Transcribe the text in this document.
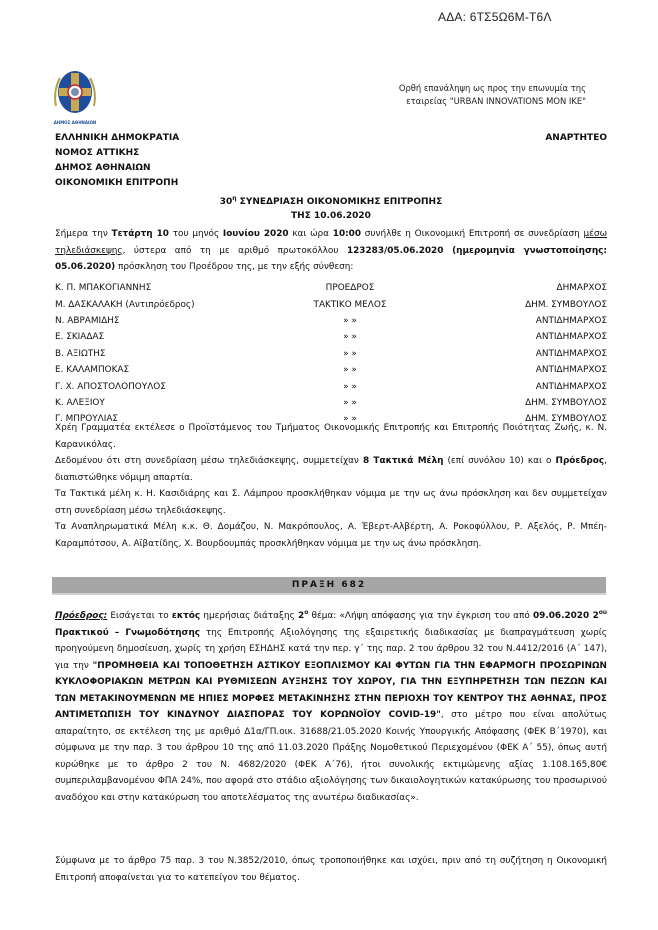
ΑΔΑ: 6ΤΣ5Ω6Μ-Τ6Λ
ΔΗΜΟΣ ΑΘΗΝΑΙΩΝ
Ορθή επανάληψη ως προς την επωνυμία της
εταιρείας "URBAN INNOVATIONS MON IKE"
ΕΛΛΗΝΙΚΗ ΔΗΜΟΚΡΑΤΙΑ	ΑΝΑΡΤΗΤΕΟ
ΝΟΜΟΣ ΑΤΤΙΚΗΣ
ΔΗΜΟΣ ΑΘΗΝΑΙΩΝ
ΟΙΚΟΝΟΜΙΚΗ ΕΠΙΤΡΟΠΗ
$30^\eta$ ΣΥΝΕΔΡΙΑΣΗ ΟΙΚΟΝΟΜΙΚΗΣ ΕΠΙΤΡΟΠΗΣ
ΤΗΣ 10.06.2020
Σήμερα την Τετάρτη 10 του μηνός Ιουνίου 2020 και ώρα 10:00 συνήλθε η Οικονομική Επιτροπή σε συνεδρίαση μέσω τηλεδιάσκεψης, ύστερα από τη με αριθμό πρωτοκόλλου 123283/05.06.2020 (ημερομηνία γνωστοποίησης: 05.06.2020) πρόσκληση του Προέδρου της, με την εξής σύνθεση:
Κ. Π. ΜΠΑΚΟΓΙΑΝΝΗΣ	ΠΡΟΕΔΡΟΣ	ΔΗΜΑΡΧΟΣ
Μ. ΔΑΣΚΑΛΑΚΗ (Αντιπρόεδρος)	ΤΑΚΤΙΚΟ ΜΕΛΟΣ	ΔΗΜ. ΣΥΜΒΟΥΛΟΣ
Ν. ΑΒΡΑΜΙΔΗΣ	» »	ΑΝΤΙΔΗΜΑΡΧΟΣ
Ε. ΣΚΙΑΔΑΣ	» »	ΑΝΤΙΔΗΜΑΡΧΟΣ
Β. ΑΞΙΩΤΗΣ	» »	ΑΝΤΙΔΗΜΑΡΧΟΣ
Ε. ΚΑΛΑΜΠΟΚΑΣ	» »	ΑΝΤΙΔΗΜΑΡΧΟΣ
Γ. Χ. ΑΠΟΣΤΟΛΟΠΟΥΛΟΣ	» »	ΑΝΤΙΔΗΜΑΡΧΟΣ
Κ. ΑΛΕΞΙΟΥ	» »	ΔΗΜ. ΣΥΜΒΟΥΛΟΣ
Γ. ΜΠΡΟΥΛΙΑΣ	» »	ΔΗΜ. ΣΥΜΒΟΥΛΟΣ
Χρέη Γραμματέα εκτέλεσε ο Προϊστάμενος του Τμήματος Οικονομικής Επιτροπής και Επιτροπής Ποιότητας Ζωής, κ. Ν. Καρανικόλας.
Δεδομένου ότι στη συνεδρίαση μέσω τηλεδιάσκεψης, συμμετείχαν 8 Τακτικά Μέλη (επί συνόλου 10) και ο Πρόεδρος, διαπιστώθηκε νόμιμη απαρτία.
Τα Τακτικά μέλη κ. Η. Κασιδιάρης και Σ. Λάμπρου προσκλήθηκαν νόμιμα με την ως άνω πρόσκληση και δεν συμμετείχαν στη συνεδρίαση μέσω τηλεδιάσκεψης.
Τα Αναπληρωματικά Μέλη κ.κ. Θ. Δομάζου, Ν. Μακρόπουλος, Α. Έβερτ-Αλβέρτη, Α. Ροκοφύλλου, Ρ. Αξελός, Ρ. Μπέη-Καραμπότσου, Α. Αϊβατίδης, Χ. Βουρδουμπάς προσκλήθηκαν νόμιμα με την ως άνω πρόσκληση.
ΠΡΑΞΗ 682
Πρόεδρος: Εισάγεται το εκτός ημερήσιας διάταξης $2^o$ θέμα: «Λήψη απόφασης για την έγκριση του από 09.06.2020 $2^{o\upsilon}$ Πρακτικού – Γνωμοδότησης της Επιτροπής Αξιολόγησης της εξαιρετικής διαδικασίας με διαπραγμάτευση χωρίς προηγούμενη δημοσίευση, χωρίς τη χρήση ΕΣΗΔΗΣ κατά την περ. γ΄ της παρ. 2 του άρθρου 32 του Ν.4412/2016 (Α΄ 147), για την "ΠΡΟΜΗΘΕΙΑ ΚΑΙ ΤΟΠΟΘΕΤΗΣΗ ΑΣΤΙΚΟΥ ΕΞΟΠΛΙΣΜΟΥ ΚΑΙ ΦΥΤΩΝ ΓΙΑ ΤΗΝ ΕΦΑΡΜΟΓΗ ΠΡΟΣΩΡΙΝΩΝ ΚΥΚΛΟΦΟΡΙΑΚΩΝ ΜΕΤΡΩΝ ΚΑΙ ΡΥΘΜΙΣΕΩΝ ΑΥΞΗΣΗΣ ΤΟΥ ΧΩΡΟΥ, ΓΙΑ ΤΗΝ ΕΞΥΠΗΡΕΤΗΣΗ ΤΩΝ ΠΕΖΩΝ ΚΑΙ ΤΩΝ ΜΕΤΑΚΙΝΟΥΜΕΝΩΝ ΜΕ ΗΠΙΕΣ ΜΟΡΦΕΣ ΜΕΤΑΚΙΝΗΣΗΣ ΣΤΗΝ ΠΕΡΙΟΧΗ ΤΟΥ ΚΕΝΤΡΟΥ ΤΗΣ ΑΘΗΝΑΣ, ΠΡΟΣ ΑΝΤΙΜΕΤΩΠΙΣΗ ΤΟΥ ΚΙΝΔΥΝΟΥ ΔΙΑΣΠΟΡΑΣ ΤΟΥ ΚΟΡΩΝΟΪΟΥ COVID-19", στο μέτρο που είναι απολύτως απαραίτητο, σε εκτέλεση της με αριθμό Δ1α/ΓΠ.οικ. 31688/21.05.2020 Κοινής Υπουργικής Απόφασης (ΦΕΚ Β΄1970), και σύμφωνα με την παρ. 3 του άρθρου 10 της από 11.03.2020 Πράξης Νομοθετικού Περιεχομένου (ΦΕΚ Α΄ 55), όπως αυτή κυρώθηκε με το άρθρο 2 του Ν. 4682/2020 (ΦΕΚ Α΄76), ήτοι συνολικής εκτιμώμενης αξίας 1.108.165,80€ συμπεριλαμβανομένου ΦΠΑ 24%, που αφορά στο στάδιο αξιολόγησης των δικαιολογητικών κατακύρωσης του προσωρινού αναδόχου και στην κατακύρωση του αποτελέσματος της ανωτέρω διαδικασίας».
Σύμφωνα με το άρθρο 75 παρ. 3 του Ν.3852/2010, όπως τροποποιήθηκε και ισχύει, πριν από τη συζήτηση η Οικονομική Επιτροπή αποφαίνεται για το κατεπείγον του θέματος.
